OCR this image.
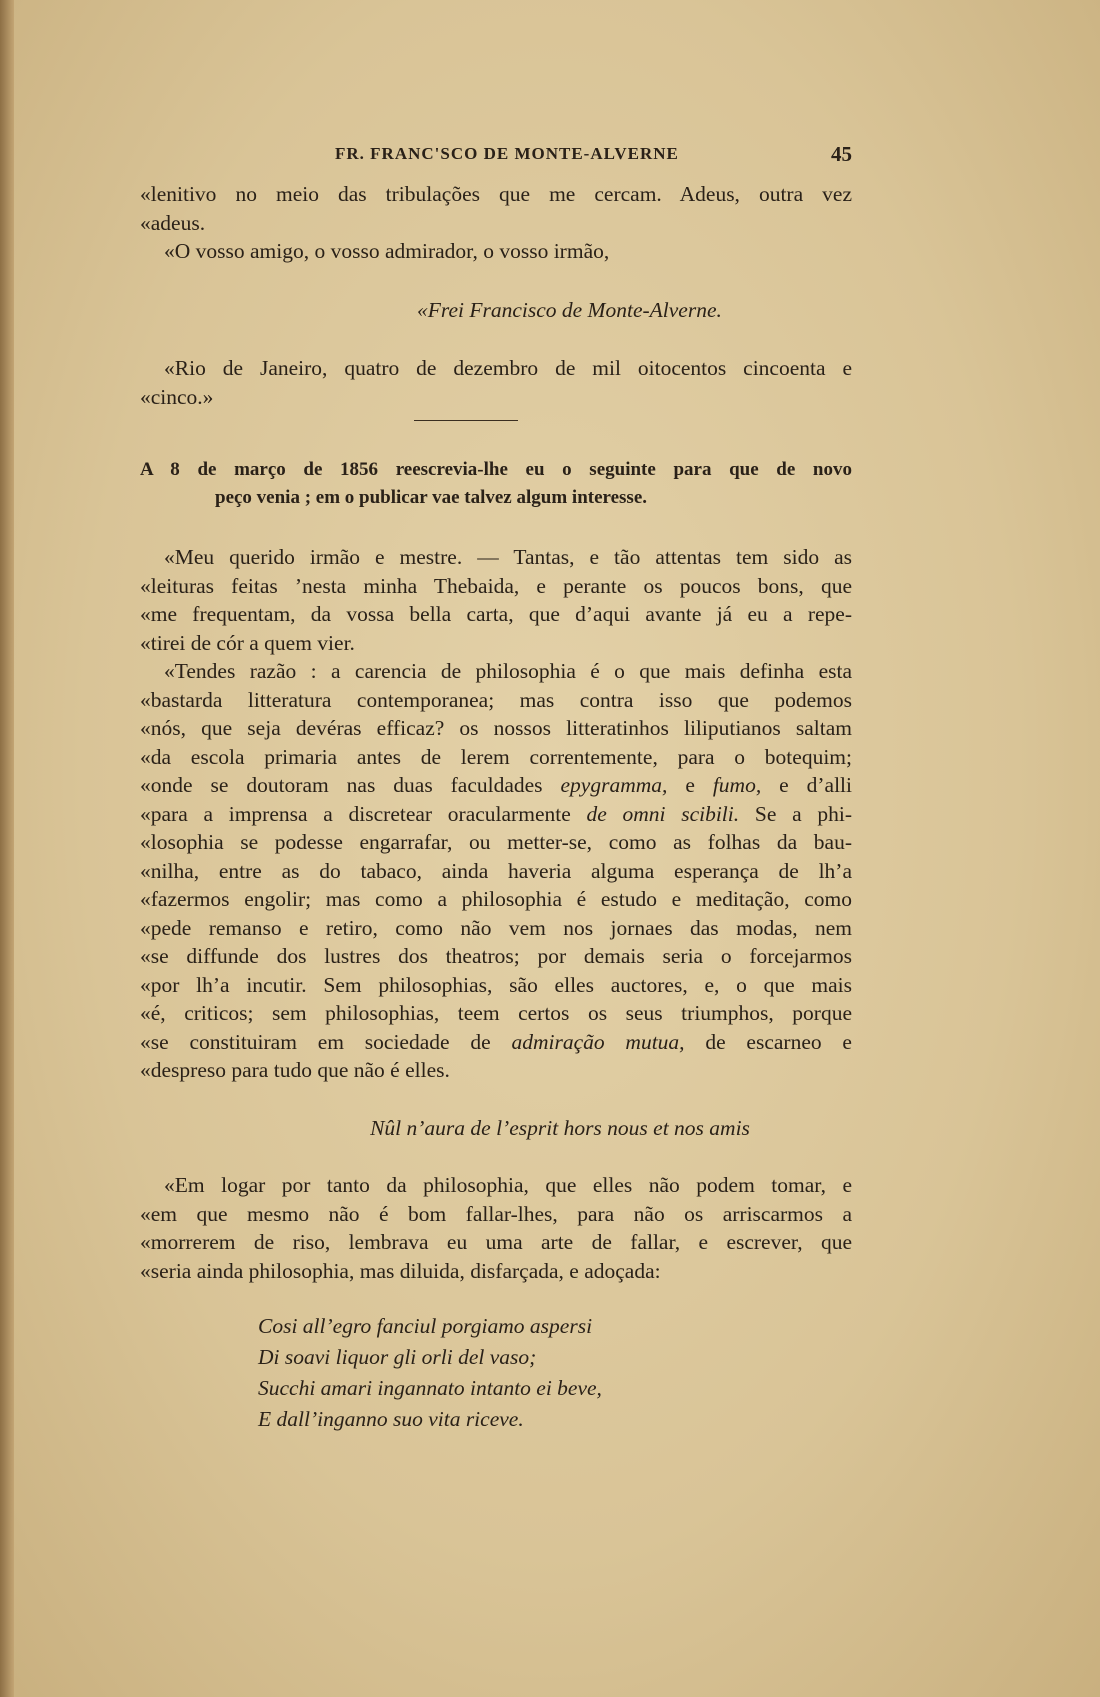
FR. FRANC'SCO DE MONTE-ALVERNE	45
«lenitivo no meio das tribulações que me cercam. Adeus, outra vez
«adeus.
«O vosso amigo, o vosso admirador, o vosso irmão,
«Frei Francisco de Monte-Alverne.
«Rio de Janeiro, quatro de dezembro de mil oitocentos cincoenta e
«cinco.»
A 8 de março de 1856 reescrevia-lhe eu o seguinte para que de novo
peço venia ; em o publicar vae talvez algum interesse.
«Meu querido irmão e mestre. — Tantas, e tão attentas tem sido as
«leituras feitas ’nesta minha Thebaida, e perante os poucos bons, que
«me frequentam, da vossa bella carta, que d’aqui avante já eu a repe-
«tirei de cór a quem vier.
«Tendes razão : a carencia de philosophia é o que mais definha esta
«bastarda litteratura contemporanea; mas contra isso que podemos
«nós, que seja devéras efficaz? os nossos litteratinhos liliputianos saltam
«da escola primaria antes de lerem correntemente, para o botequim;
«onde se doutoram nas duas faculdades epygramma, e fumo, e d’alli
«para a imprensa a discretear oracularmente de omni scibili. Se a phi-
«losophia se podesse engarrafar, ou metter-se, como as folhas da bau-
«nilha, entre as do tabaco, ainda haveria alguma esperança de lh’a
«fazermos engolir; mas como a philosophia é estudo e meditação, como
«pede remanso e retiro, como não vem nos jornaes das modas, nem
«se diffunde dos lustres dos theatros; por demais seria o forcejarmos
«por lh’a incutir. Sem philosophias, são elles auctores, e, o que mais
«é, criticos; sem philosophias, teem certos os seus triumphos, porque
«se constituiram em sociedade de admiração mutua, de escarneo e
«despreso para tudo que não é elles.
Nûl n’aura de l’esprit hors nous et nos amis
«Em logar por tanto da philosophia, que elles não podem tomar, e
«em que mesmo não é bom fallar-lhes, para não os arriscarmos a
«morrerem de riso, lembrava eu uma arte de fallar, e escrever, que
«seria ainda philosophia, mas diluida, disfarçada, e adoçada:
Cosi all’egro fanciul porgiamo aspersi
Di soavi liquor gli orli del vaso;
Succhi amari ingannato intanto ei beve,
E dall’inganno suo vita riceve.
